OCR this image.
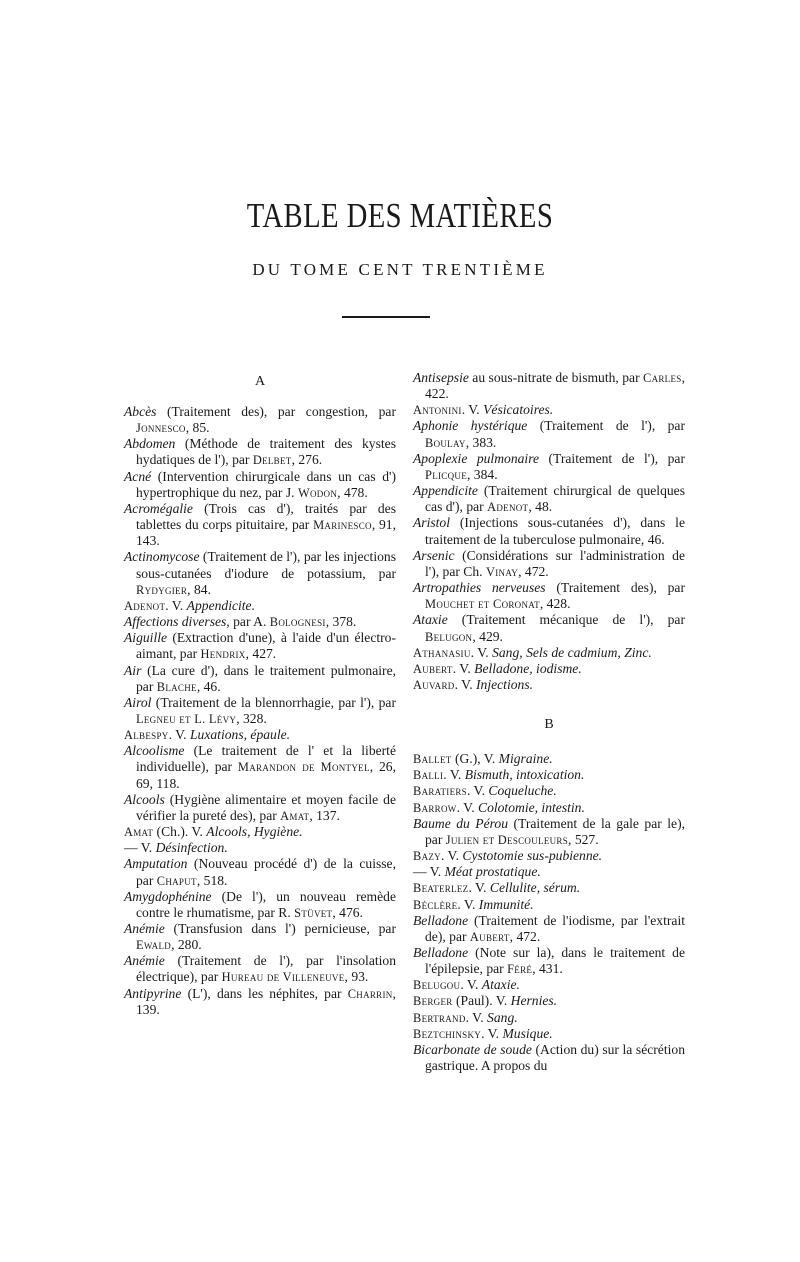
TABLE DES MATIÈRES
DU TOME CENT TRENTIÈME
A

Abcès (Traitement des), par congestion, par Jonnesco, 85.

Abdomen (Méthode de traitement des kystes hydatiques de l'), par Delbet, 276.

Acné (Intervention chirurgicale dans un cas d') hypertrophique du nez, par J. Wodon, 478.

Acromégalie (Trois cas d'), traités par des tablettes du corps pituitaire, par Marinesco, 91, 143.

Actinomycose (Traitement de l'), par les injections sous-cutanées d'iodure de potassium, par Rydygier, 84.

Adenot. V. Appendicite.

Affections diverses, par A. Bolognesi, 378.

Aiguille (Extraction d'une), à l'aide d'un électro-aimant, par Hendrix, 427.

Air (La cure d'), dans le traitement pulmonaire, par Blache, 46.

Airol (Traitement de la blennorrhagie, par l'), par Legneu et L. Lévy, 328.

Albespy. V. Luxations, épaule.

Alcoolisme (Le traitement de l' et la liberté individuelle), par Marandon de Montyel, 26, 69, 118.

Alcools (Hygiène alimentaire et moyen facile de vérifier la pureté des), par Amat, 137.

Amat (Ch.). V. Alcools, Hygiène.

— V. Désinfection.

Amputation (Nouveau procédé d') de la cuisse, par Chaput, 518.

Amygdophénine (De l'), un nouveau remède contre le rhumatisme, par R. Stüvet, 476.

Anémie (Transfusion dans l') pernicieuse, par Ewald, 280.

Anémie (Traitement de l'), par l'insolation électrique), par Hureau de Villeneuve, 93.

Antipyrine (L'), dans les néphites, par Charrin, 139.

Antisepsie au sous-nitrate de bismuth, par Carles, 422.

Antonini. V. Vésicatoires.

Aphonie hystérique (Traitement de l'), par Boulay, 383.

Apoplexie pulmonaire (Traitement de l'), par Plicque, 384.

Appendicite (Traitement chirurgical de quelques cas d'), par Adenot, 48.

Aristol (Injections sous-cutanées d'), dans le traitement de la tuberculose pulmonaire, 46.

Arsenic (Considérations sur l'administration de l'), par Ch. Vinay, 472.

Artropathies nerveuses (Traitement des), par Mouchet et Coronat, 428.

Ataxie (Traitement mécanique de l'), par Belugon, 429.

Athanasiu. V. Sang, Sels de cadmium, Zinc.

Aubert. V. Belladone, iodisme.

Auvard. V. Injections.

B

Ballet (G.), V. Migraine.

Balli. V. Bismuth, intoxication.

Baratiers. V. Coqueluche.

Barrow. V. Colotomie, intestin.

Baume du Pérou (Traitement de la gale par le), par Julien et Descouleurs, 527.

Bazy. V. Cystotomie sus-pubienne.

— V. Méat prostatique.

Beaterlez. V. Cellulite, sérum.

Béclère. V. Immunité.

Belladone (Traitement de l'iodisme, par l'extrait de), par Aubert, 472.

Belladone (Note sur la), dans le traitement de l'épilepsie, par Féré, 431.

Belugou. V. Ataxie.

Berger (Paul). V. Hernies.

Bertrand. V. Sang.

Beztchinsky. V. Musique.

Bicarbonate de soude (Action du) sur la sécrétion gastrique. A propos du
